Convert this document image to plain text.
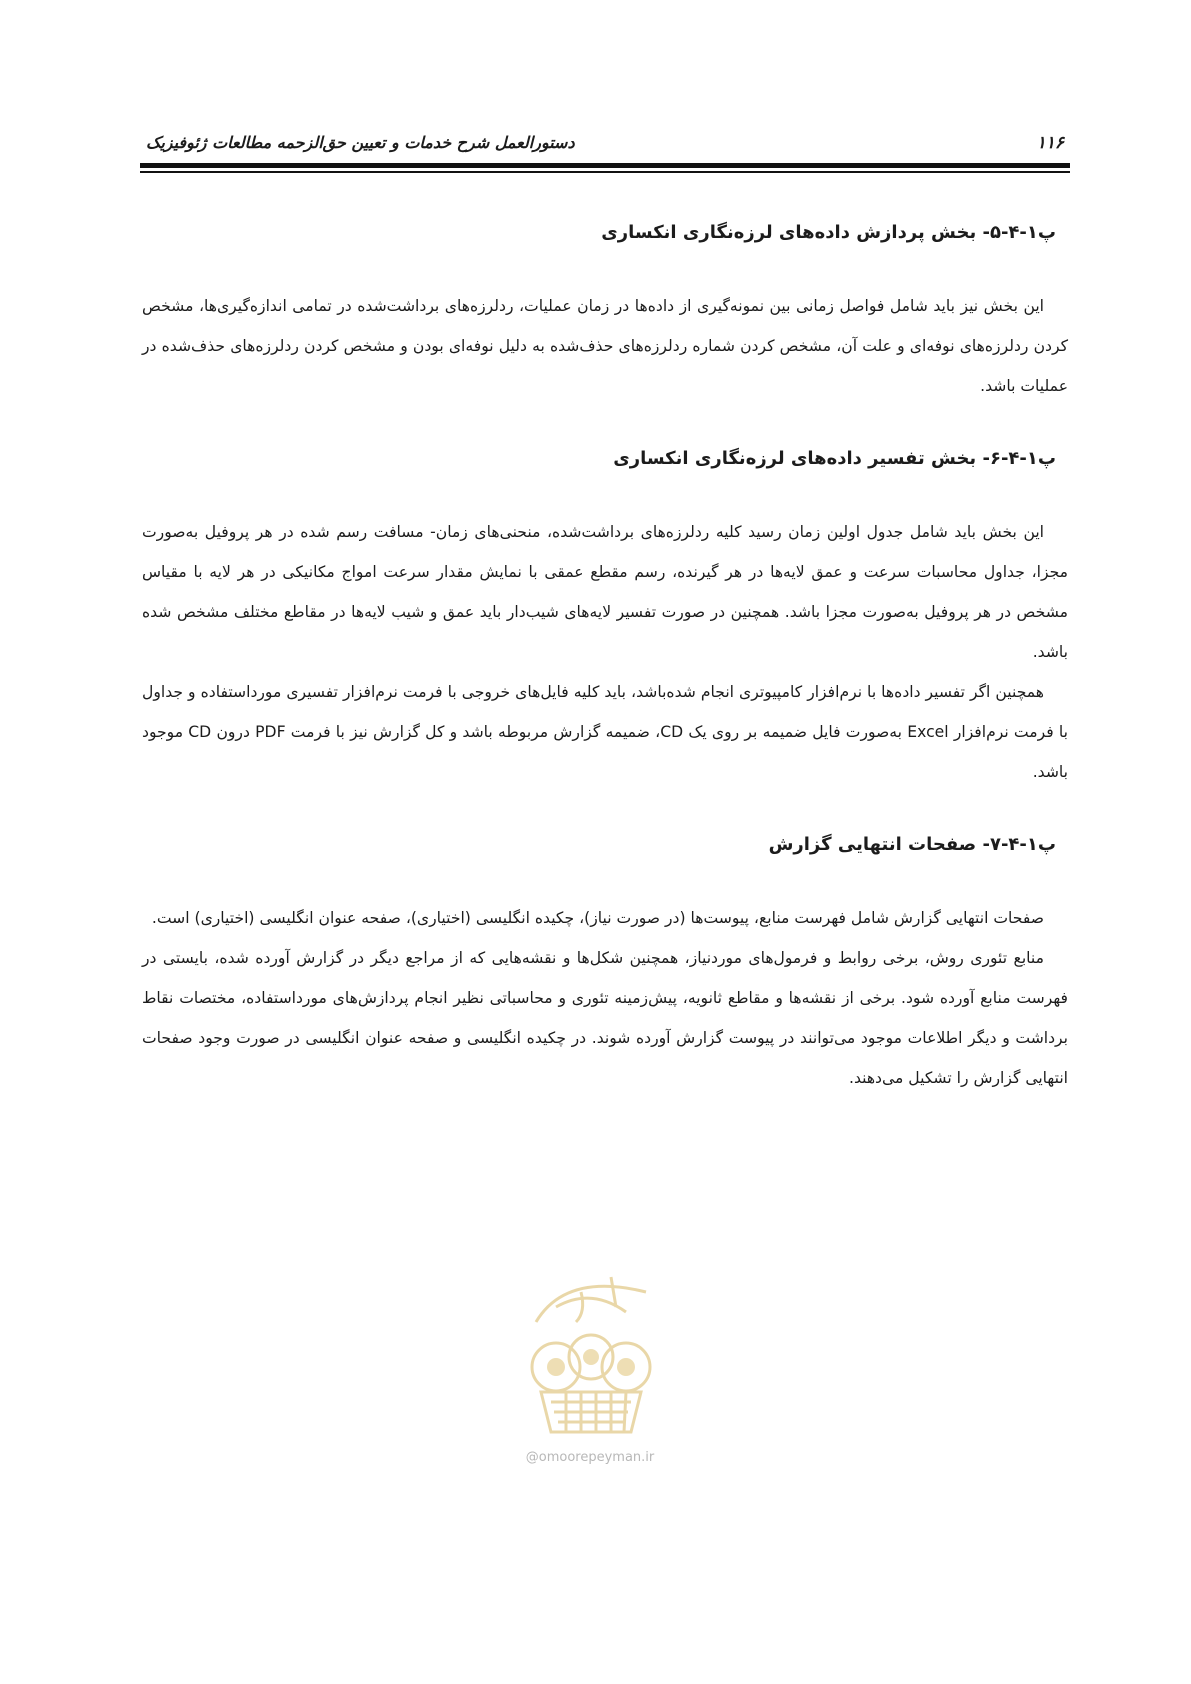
۱۱۶
دستورالعمل شرح خدمات و تعیین حق‌الزحمه مطالعات ژئوفیزیک
پ۱-۴-۵- بخش پردازش داده‌های لرزه‌نگاری انکساری

این بخش نیز باید شامل فواصل زمانی بین نمونه‌گیری از داده‌ها در زمان عملیات، ردلرزه‌های برداشت‌شده در تمامی اندازه‌گیری‌ها، مشخص کردن ردلرزه‌های نوفه‌ای و علت آن، مشخص کردن شماره ردلرزه‌های حذف‌شده به دلیل نوفه‌ای بودن و مشخص کردن ردلرزه‌های حذف‌شده در عملیات باشد.

پ۱-۴-۶- بخش تفسیر داده‌های لرزه‌نگاری انکساری

این بخش باید شامل جدول اولین زمان رسید کلیه ردلرزه‌های برداشت‌شده، منحنی‌های زمان- مسافت رسم شده در هر پروفیل به‌صورت مجزا، جداول محاسبات سرعت و عمق لایه‌ها در هر گیرنده، رسم مقطع عمقی با نمایش مقدار سرعت امواج مکانیکی در هر لایه با مقیاس مشخص در هر پروفیل به‌صورت مجزا باشد. همچنین در صورت تفسیر لایه‌های شیب‌دار باید عمق و شیب لایه‌ها در مقاطع مختلف مشخص شده باشد.

همچنین اگر تفسیر داده‌ها با نرم‌افزار کامپیوتری انجام شده‌باشد، باید کلیه فایل‌های خروجی با فرمت نرم‌افزار تفسیری مورداستفاده و جداول با فرمت نرم‌افزار Excel به‌صورت فایل ضمیمه بر روی یک CD، ضمیمه گزارش مربوطه باشد و کل گزارش نیز با فرمت PDF درون CD موجود باشد.

پ۱-۴-۷- صفحات انتهایی گزارش

صفحات انتهایی گزارش شامل فهرست منابع، پیوست‌ها (در صورت نیاز)، چکیده انگلیسی (اختیاری)، صفحه عنوان انگلیسی (اختیاری) است.

منابع تئوری روش، برخی روابط و فرمول‌های موردنیاز، همچنین شکل‌ها و نقشه‌هایی که از مراجع دیگر در گزارش آورده شده، بایستی در فهرست منابع آورده شود. برخی از نقشه‌ها و مقاطع ثانویه، پیش‌زمینه تئوری و محاسباتی نظیر انجام پردازش‌های مورداستفاده، مختصات نقاط برداشت و دیگر اطلاعات موجود می‌توانند در پیوست گزارش آورده شوند. در چکیده انگلیسی و صفحه عنوان انگلیسی در صورت وجود صفحات انتهایی گزارش را تشکیل می‌دهند.

@omoorepeyman.ir
